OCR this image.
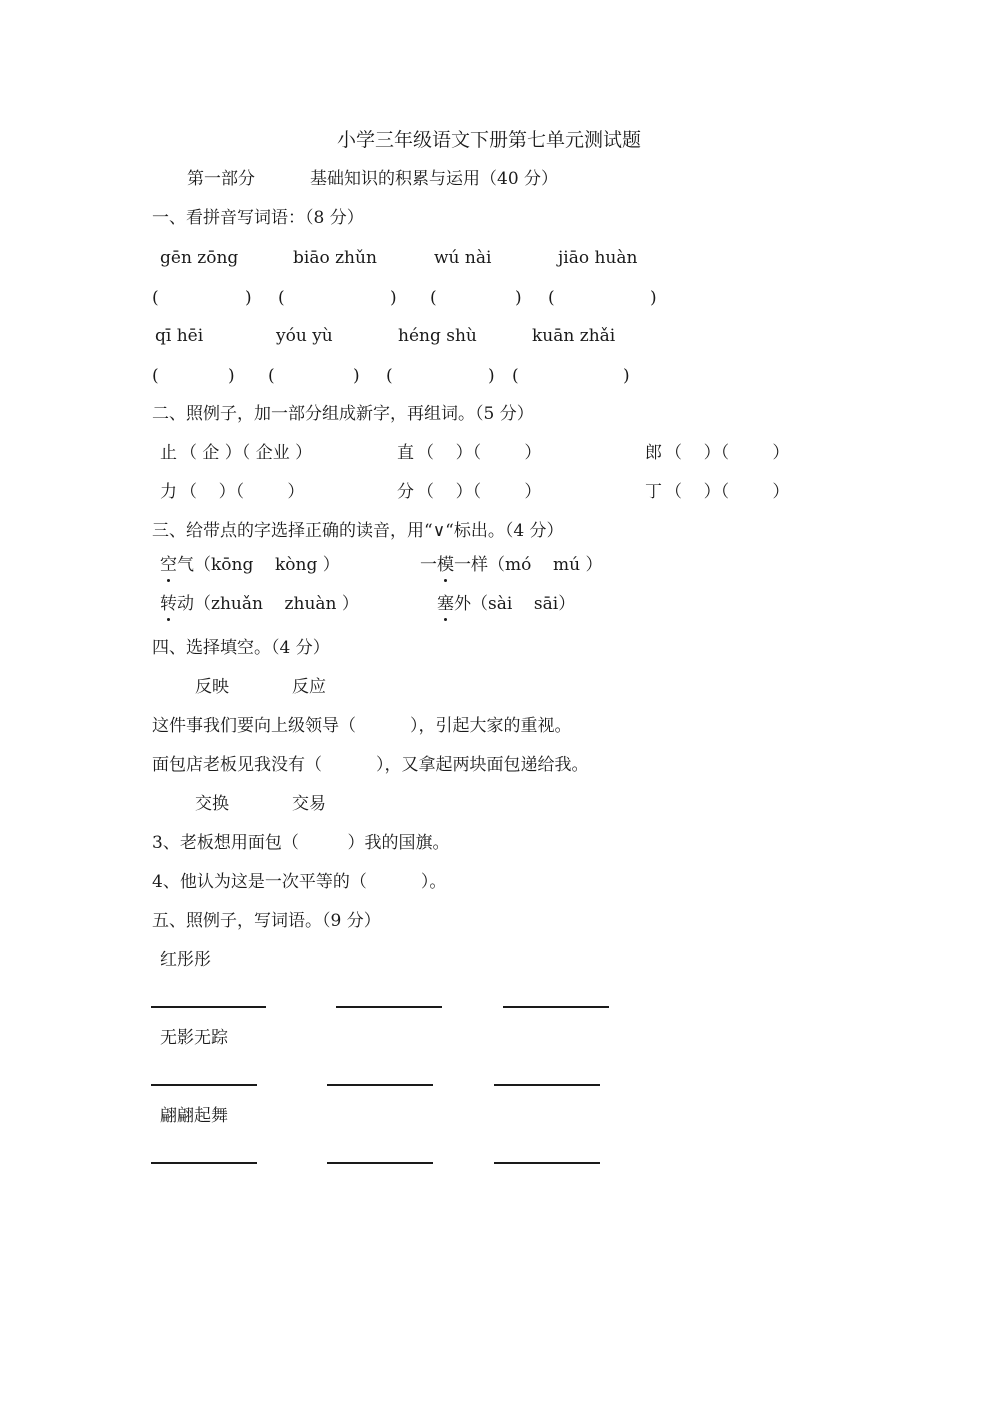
小学三年级语文下册第七单元测试题
第一部分	基础知识的积累与运用（40 分）
一、看拼音写词语：（8 分）
gēn zōng	biāo zhǔn	wú nài	jiāo huàn
(	) (	) (	) (	)
qī hēi	yóu yù	héng shù	kuān zhǎi
(	) (	) (	) (	)
二、照例子，加一部分组成新字，再组词。（5 分）
止 （ 企 ）（ 企业 ）	直 （    ）（        ）	郎 （    ）（        ）
力 （    ）（        ）	分 （    ）（        ）	丁 （    ）（        ）
三、给带点的字选择正确的读音，用“∨“标出。（4 分）
空气（kōng    kòng ）	一模一样（mó    mú ）
转动（zhuǎn    zhuàn ）	塞外（sài    sāi）
四、选择填空。（4 分）
反映	反应
这件事我们要向上级领导（          ），引起大家的重视。
面包店老板见我没有（          ），又拿起两块面包递给我。
交换	交易
3、老板想用面包（         ）我的国旗。
4、他认为这是一次平等的（          ）。
五、照例子，写词语。（9 分）
红彤彤
无影无踪
翩翩起舞
